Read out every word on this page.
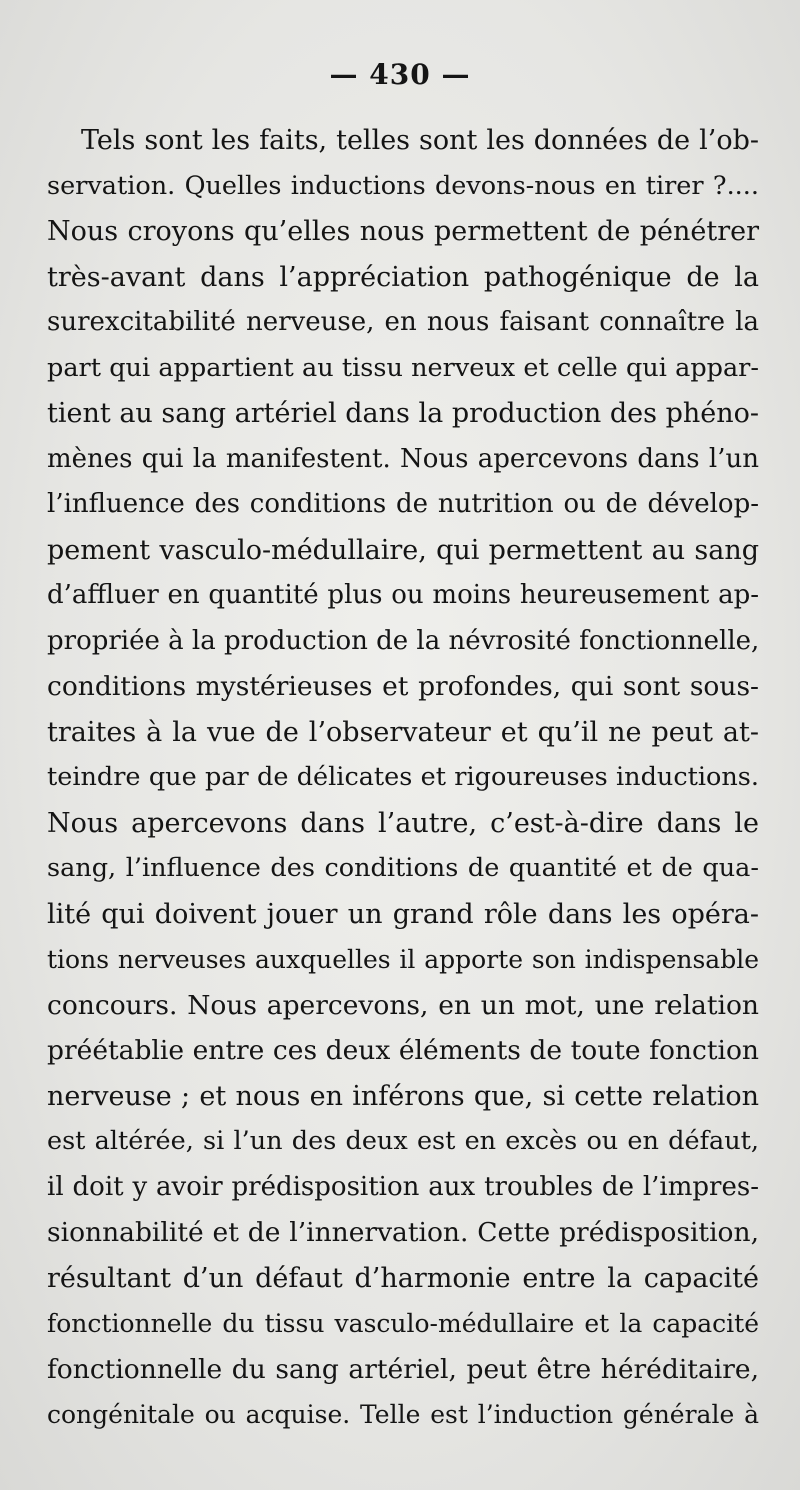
— 430 —
Tels sont les faits, telles sont les données de l’ob-
servation. Quelles inductions devons-nous en tirer ?....
Nous croyons qu’elles nous permettent de pénétrer
très-avant dans l’appréciation pathogénique de la
surexcitabilité nerveuse, en nous faisant connaître la
part qui appartient au tissu nerveux et celle qui appar-
tient au sang artériel dans la production des phéno-
mènes qui la manifestent. Nous apercevons dans l’un
l’influence des conditions de nutrition ou de dévelop-
pement vasculo-médullaire, qui permettent au sang
d’affluer en quantité plus ou moins heureusement ap-
propriée à la production de la névrosité fonctionnelle,
conditions mystérieuses et profondes, qui sont sous-
traites à la vue de l’observateur et qu’il ne peut at-
teindre que par de délicates et rigoureuses inductions.
Nous apercevons dans l’autre, c’est-à-dire dans le
sang, l’influence des conditions de quantité et de qua-
lité qui doivent jouer un grand rôle dans les opéra-
tions nerveuses auxquelles il apporte son indispensable
concours. Nous apercevons, en un mot, une relation
préétablie entre ces deux éléments de toute fonction
nerveuse ; et nous en inférons que, si cette relation
est altérée, si l’un des deux est en excès ou en défaut,
il doit y avoir prédisposition aux troubles de l’impres-
sionnabilité et de l’innervation. Cette prédisposition,
résultant d’un défaut d’harmonie entre la capacité
fonctionnelle du tissu vasculo-médullaire et la capacité
fonctionnelle du sang artériel, peut être héréditaire,
congénitale ou acquise. Telle est l’induction générale à
